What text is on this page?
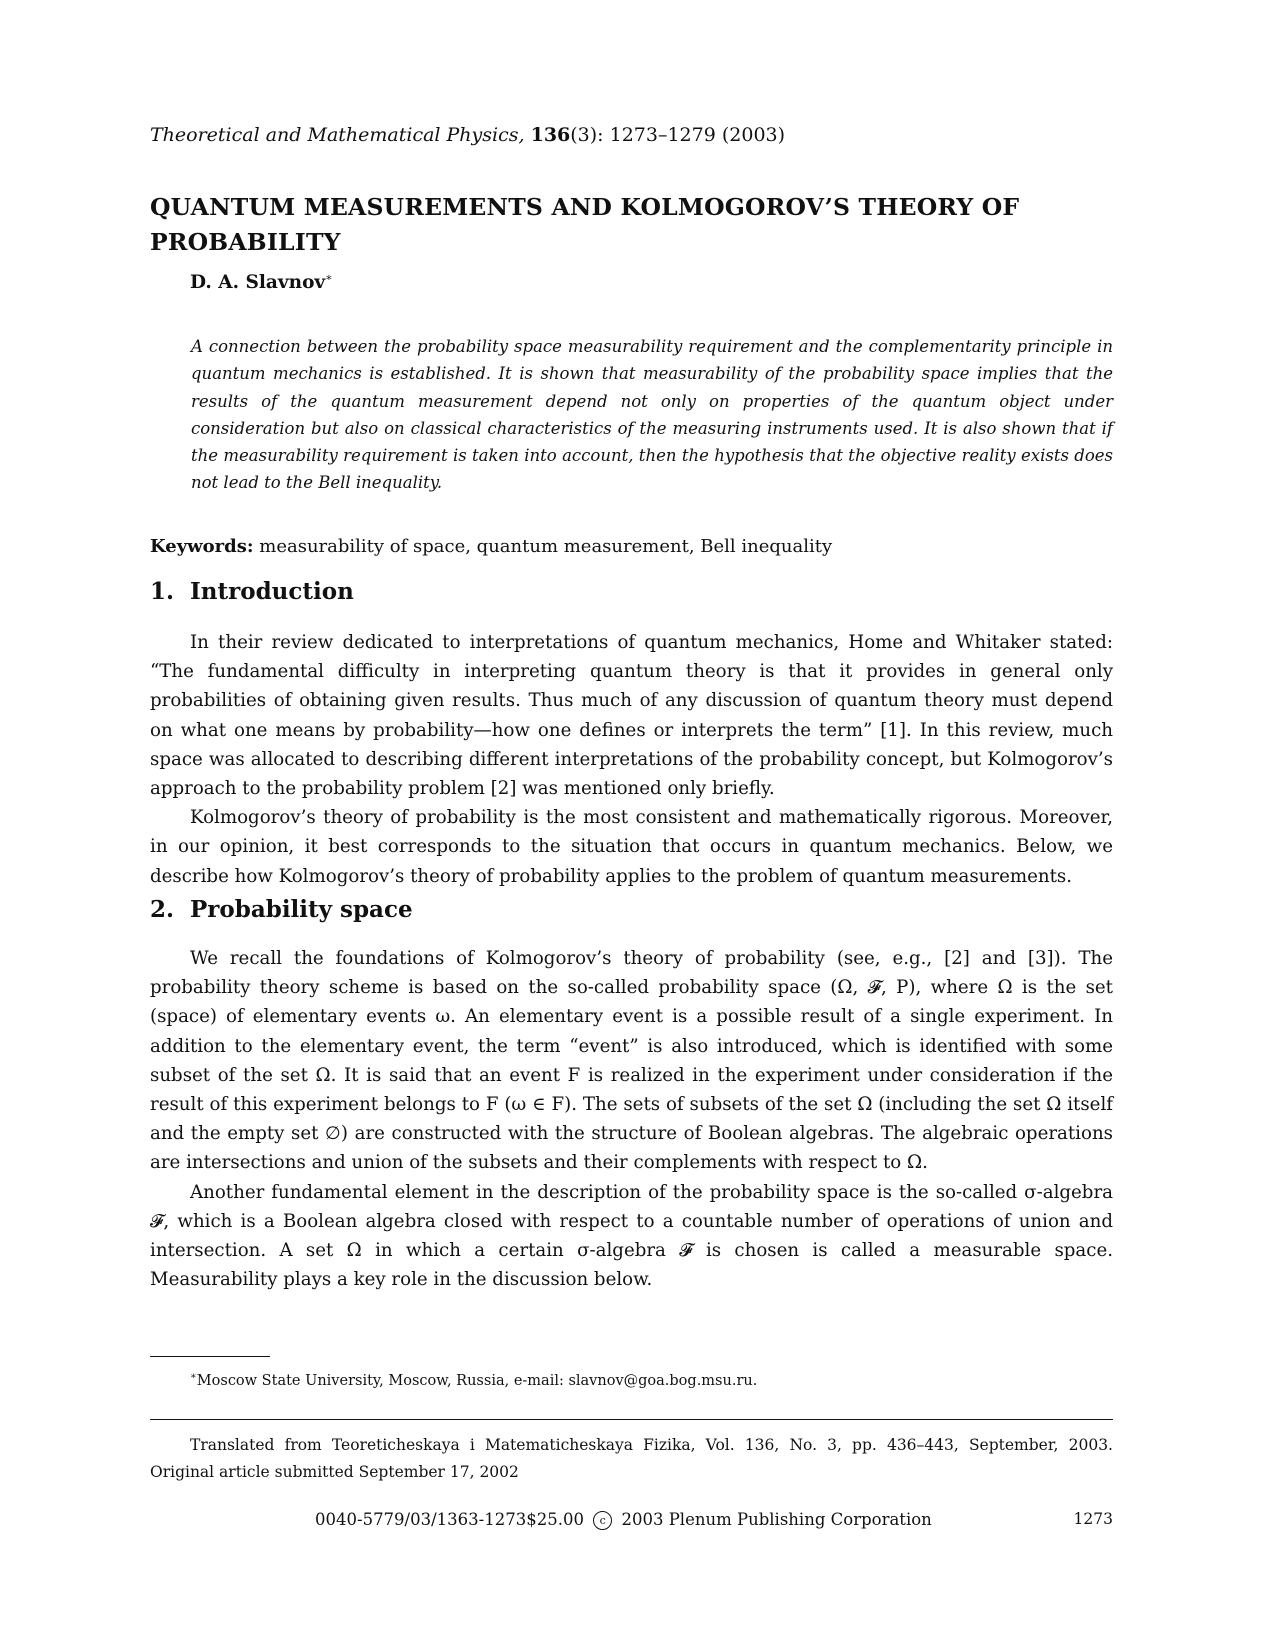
Theoretical and Mathematical Physics, 136(3): 1273–1279 (2003)
QUANTUM MEASUREMENTS AND KOLMOGOROV’S THEORY OF PROBABILITY
D. A. Slavnov∗
A connection between the probability space measurability requirement and the complementarity principle in quantum mechanics is established. It is shown that measurability of the probability space implies that the results of the quantum measurement depend not only on properties of the quantum object under consideration but also on classical characteristics of the measuring instruments used. It is also shown that if the measurability requirement is taken into account, then the hypothesis that the objective reality exists does not lead to the Bell inequality.
Keywords: measurability of space, quantum measurement, Bell inequality
1. Introduction

In their review dedicated to interpretations of quantum mechanics, Home and Whitaker stated: “The fundamental difficulty in interpreting quantum theory is that it provides in general only probabilities of obtaining given results. Thus much of any discussion of quantum theory must depend on what one means by probability—how one defines or interprets the term” [1]. In this review, much space was allocated to describing different interpretations of the probability concept, but Kolmogorov’s approach to the probability problem [2] was mentioned only briefly.

Kolmogorov’s theory of probability is the most consistent and mathematically rigorous. Moreover, in our opinion, it best corresponds to the situation that occurs in quantum mechanics. Below, we describe how Kolmogorov’s theory of probability applies to the problem of quantum measurements.

2. Probability space

We recall the foundations of Kolmogorov’s theory of probability (see, e.g., [2] and [3]). The probability theory scheme is based on the so-called probability space (Ω, 𝓕, P), where Ω is the set (space) of elementary events ω. An elementary event is a possible result of a single experiment. In addition to the elementary event, the term “event” is also introduced, which is identified with some subset of the set Ω. It is said that an event F is realized in the experiment under consideration if the result of this experiment belongs to F (ω ∈ F). The sets of subsets of the set Ω (including the set Ω itself and the empty set ∅) are constructed with the structure of Boolean algebras. The algebraic operations are intersections and union of the subsets and their complements with respect to Ω.

Another fundamental element in the description of the probability space is the so-called σ-algebra 𝓕, which is a Boolean algebra closed with respect to a countable number of operations of union and intersection. A set Ω in which a certain σ-algebra 𝓕 is chosen is called a measurable space. Measurability plays a key role in the discussion below.

∗Moscow State University, Moscow, Russia, e-mail: slavnov@goa.bog.msu.ru.
Translated from Teoreticheskaya i Matematicheskaya Fizika, Vol. 136, No. 3, pp. 436–443, September, 2003. Original article submitted September 17, 2002
0040-5779/03/1363-1273$25.00 c 2003 Plenum Publishing Corporation	1273
